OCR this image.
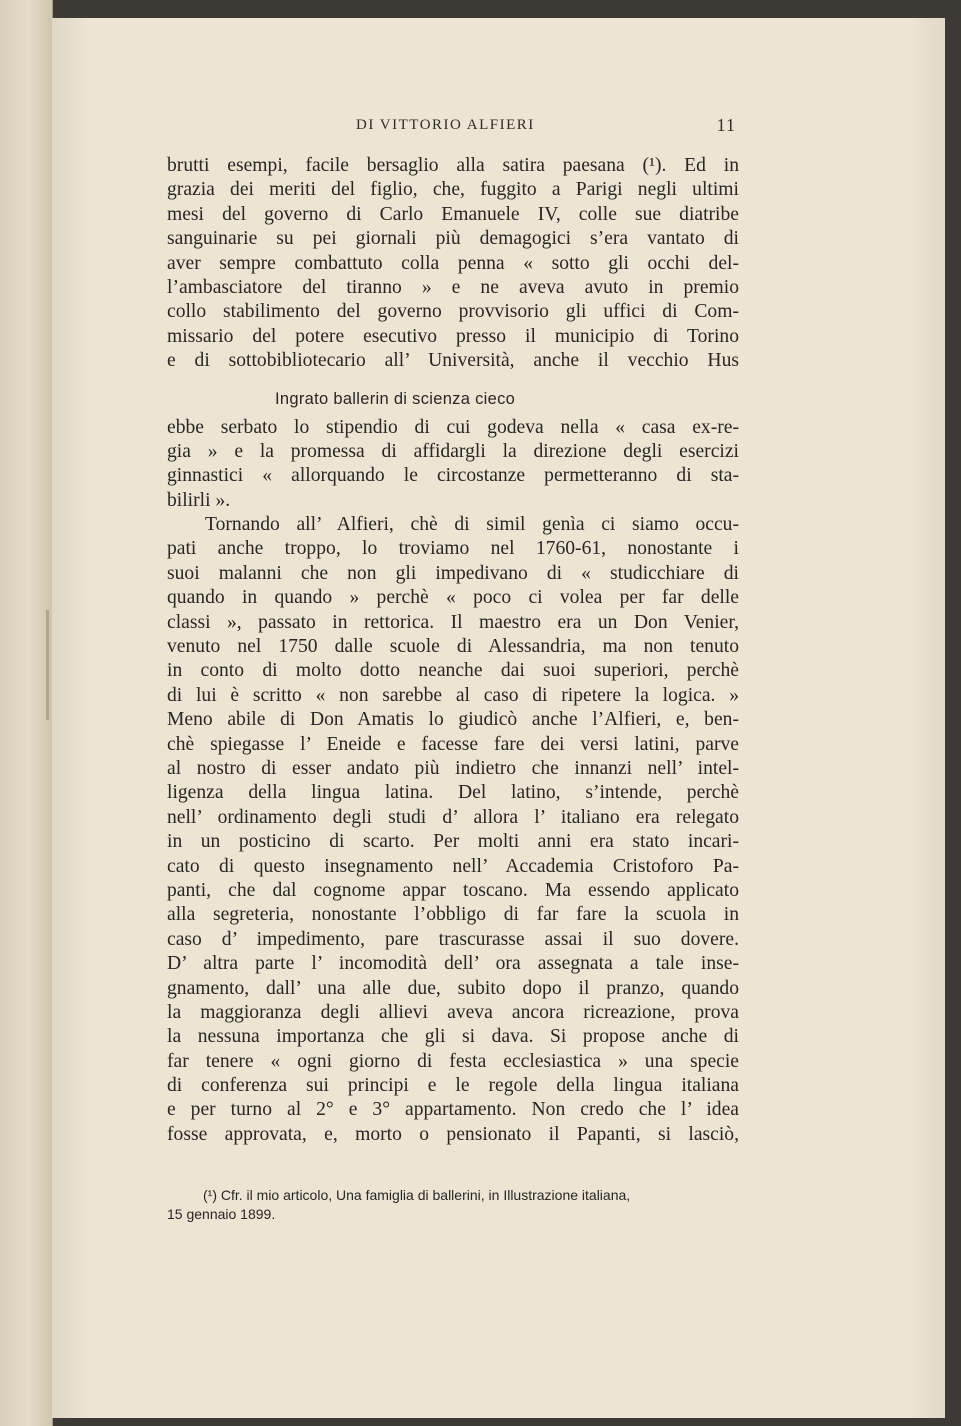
DI VITTORIO ALFIERI	11
brutti esempi, facile bersaglio alla satira paesana (¹). Ed in
grazia dei meriti del figlio, che, fuggito a Parigi negli ultimi
mesi del governo di Carlo Emanuele IV, colle sue diatribe
sanguinarie su pei giornali più demagogici s’era vantato di
aver sempre combattuto colla penna « sotto gli occhi del-
l’ambasciatore del tiranno » e ne aveva avuto in premio
collo stabilimento del governo provvisorio gli uffici di Com-
missario del potere esecutivo presso il municipio di Torino
e di sottobibliotecario all’ Università, anche il vecchio Hus
Ingrato ballerin di scienza cieco
ebbe serbato lo stipendio di cui godeva nella « casa ex-re-
gia » e la promessa di affidargli la direzione degli esercizi
ginnastici « allorquando le circostanze permetteranno di sta-
bilirli ».
Tornando all’ Alfieri, chè di simil genìa ci siamo occu-
pati anche troppo, lo troviamo nel 1760-61, nonostante i
suoi malanni che non gli impedivano di « studicchiare di
quando in quando » perchè « poco ci volea per far delle
classi », passato in rettorica. Il maestro era un Don Venier,
venuto nel 1750 dalle scuole di Alessandria, ma non tenuto
in conto di molto dotto neanche dai suoi superiori, perchè
di lui è scritto « non sarebbe al caso di ripetere la logica. »
Meno abile di Don Amatis lo giudicò anche l’Alfieri, e, ben-
chè spiegasse l’ Eneide e facesse fare dei versi latini, parve
al nostro di esser andato più indietro che innanzi nell’ intel-
ligenza della lingua latina. Del latino, s’intende, perchè
nell’ ordinamento degli studi d’ allora l’ italiano era relegato
in un posticino di scarto. Per molti anni era stato incari-
cato di questo insegnamento nell’ Accademia Cristoforo Pa-
panti, che dal cognome appar toscano. Ma essendo applicato
alla segreteria, nonostante l’obbligo di far fare la scuola in
caso d’ impedimento, pare trascurasse assai il suo dovere.
D’ altra parte l’ incomodità dell’ ora assegnata a tale inse-
gnamento, dall’ una alle due, subito dopo il pranzo, quando
la maggioranza degli allievi aveva ancora ricreazione, prova
la nessuna importanza che gli si dava. Si propose anche di
far tenere « ogni giorno di festa ecclesiastica » una specie
di conferenza sui principi e le regole della lingua italiana
e per turno al 2° e 3° appartamento. Non credo che l’ idea
fosse approvata, e, morto o pensionato il Papanti, si lasciò,
(¹) Cfr. il mio articolo, Una famiglia di ballerini, in Illustrazione italiana,
15 gennaio 1899.
